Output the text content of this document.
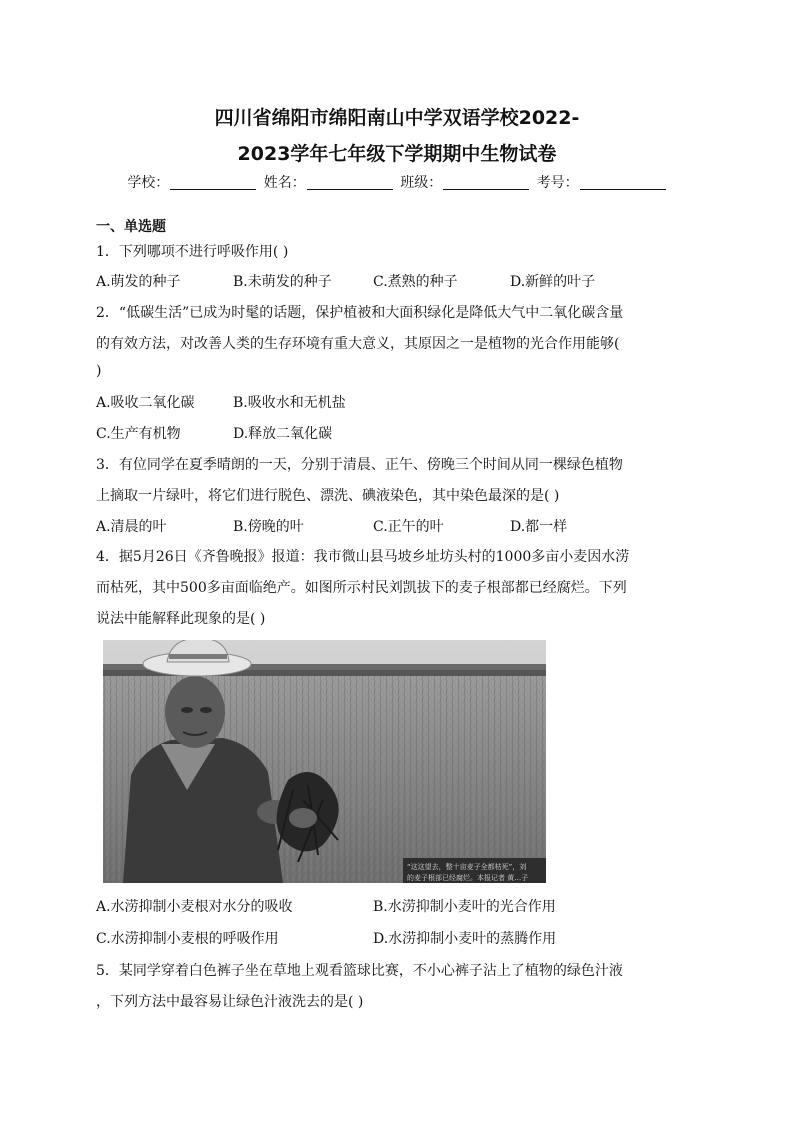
四川省绵阳市绵阳南山中学双语学校2022-
2023学年七年级下学期期中生物试卷
学校：	姓名：	班级：	考号：
一、单选题
1．下列哪项不进行呼吸作用( )
A.萌发的种子	B.未萌发的种子	C.煮熟的种子	D.新鲜的叶子
2．“低碳生活”已成为时髦的话题，保护植被和大面积绿化是降低大气中二氧化碳含量
的有效方法，对改善人类的生存环境有重大意义，其原因之一是植物的光合作用能够(
)
A.吸收二氧化碳	B.吸收水和无机盐
C.生产有机物	D.释放二氧化碳
3．有位同学在夏季晴朗的一天，分别于清晨、正午、傍晚三个时间从同一棵绿色植物
上摘取一片绿叶，将它们进行脱色、漂洗、碘液染色，其中染色最深的是( )
A.清晨的叶	B.傍晚的叶	C.正午的叶	D.都一样
4．据5月26日《齐鲁晚报》报道：我市微山县马坡乡址坊头村的1000多亩小麦因水涝
而枯死，其中500多亩面临绝产。如图所示村民刘凯拔下的麦子根部都已经腐烂。下列
说法中能解释此现象的是( )
“这这望去，整十亩麦子全都枯死”，刘
的麦子根部已经腐烂。本报记者 黄…子
A.水涝抑制小麦根对水分的吸收	B.水涝抑制小麦叶的光合作用
C.水涝抑制小麦根的呼吸作用	D.水涝抑制小麦叶的蒸腾作用
5．某同学穿着白色裤子坐在草地上观看篮球比赛，不小心裤子沾上了植物的绿色汁液
，下列方法中最容易让绿色汁液洗去的是( )
